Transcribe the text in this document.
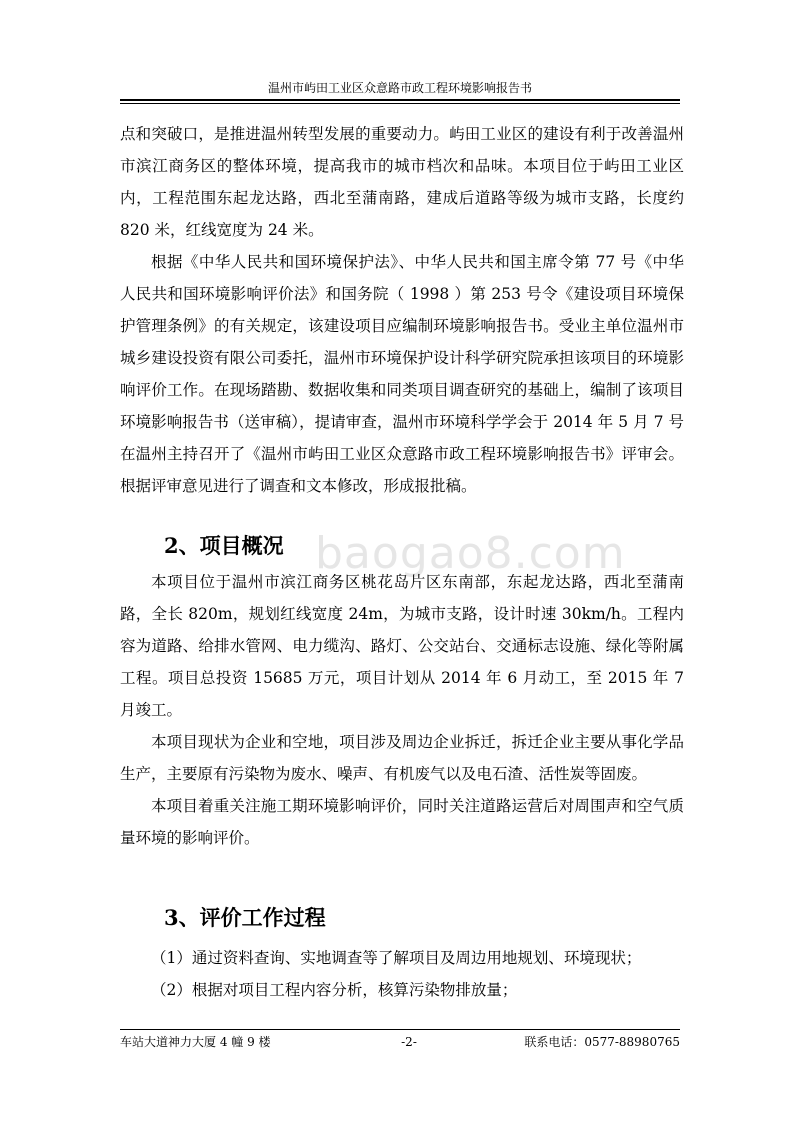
温州市屿田工业区众意路市政工程环境影响报告书
baogao8.com

点和突破口，是推进温州转型发展的重要动力。屿田工业区的建设有利于改善温州市滨江商务区的整体环境，提高我市的城市档次和品味。本项目位于屿田工业区内，工程范围东起龙达路，西北至蒲南路，建成后道路等级为城市支路，长度约 820 米，红线宽度为 24 米。

根据《中华人民共和国环境保护法》、中华人民共和国主席令第 77 号《中华人民共和国环境影响评价法》和国务院（ 1998 ）第 253 号令《建设项目环境保护管理条例》的有关规定，该建设项目应编制环境影响报告书。受业主单位温州市城乡建设投资有限公司委托，温州市环境保护设计科学研究院承担该项目的环境影响评价工作。在现场踏勘、数据收集和同类项目调查研究的基础上，编制了该项目环境影响报告书（送审稿），提请审查，温州市环境科学学会于 2014 年 5 月 7 号在温州主持召开了《温州市屿田工业区众意路市政工程环境影响报告书》评审会。根据评审意见进行了调查和文本修改，形成报批稿。

2、项目概况

本项目位于温州市滨江商务区桃花岛片区东南部，东起龙达路，西北至蒲南路，全长 820m，规划红线宽度 24m，为城市支路，设计时速 30km/h。工程内容为道路、给排水管网、电力缆沟、路灯、公交站台、交通标志设施、绿化等附属工程。项目总投资 15685 万元，项目计划从 2014 年 6 月动工，至 2015 年 7 月竣工。

本项目现状为企业和空地，项目涉及周边企业拆迁，拆迁企业主要从事化学品生产，主要原有污染物为废水、噪声、有机废气以及电石渣、活性炭等固废。

本项目着重关注施工期环境影响评价，同时关注道路运营后对周围声和空气质量环境的影响评价。

3、评价工作过程

（1）通过资料查询、实地调查等了解项目及周边用地规划、环境现状；

（2）根据对项目工程内容分析，核算污染物排放量；

车站大道神力大厦 4 幢 9 楼	-2-	联系电话：0577-88980765
